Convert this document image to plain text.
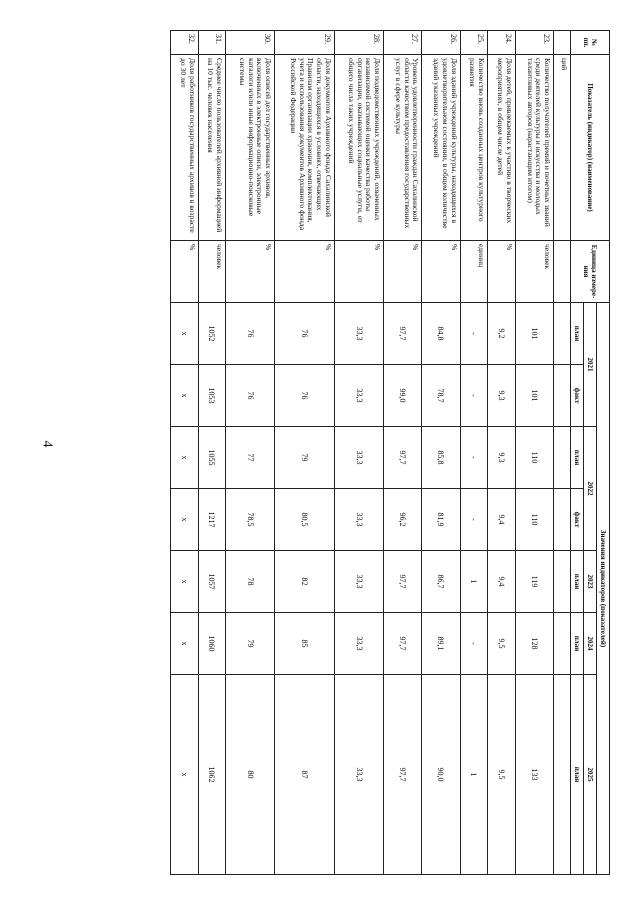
4
№ пп.	Показатель (индикатор) (наименование)	Единица измере-ния	Значения индикаторов (показателей)						
			2021		2022		2023	2024	2025
			план	факт	план	факт	план	план	план
	ций								
23.	Количество получателей премий и почетных званий среди деятелей культуры и искусства и молодых талантливых авторов (нарастающим итогом)	человек	101	101	110	110	119	128	133
24.	Доля детей, привлекаемых к участию в творческих мероприятиях, в общем числе детей	%	9,2	9,3	9,3	9,4	9,4	9,5	9,5
25.	Количество вновь созданных центров культурного развития	единиц	-	-	-	-	1	-	1
26.	Доля зданий учреждений культуры, находящихся в удовлетворительном состоянии, в общем количестве зданий указанных учреждений	%	84,8	78,7	85,8	81,9	86,7	89,1	90,0
27.	Уровень удовлетворенности граждан Сахалинской области качеством предоставления государственных услуг в сфере культуры	%	97,7	99,0	97,7	96,2	97,7	97,7	97,7
28.	Доля подведомственных учреждений, охваченных независимой системой оценки качества работы организации, оказывающих социальные услуги, от общего числа таких учреждений	%	33,3	33,3	33,3	33,3	33,3	33,3	33,3
29.	Доля документов Архивного фонда Сахалинской области, находящихся в условиях, отвечающих Правилам организации хранения, комплектования, учета и использования документов Архивного фонда Российской Федерации	%	76	76	79	80,5	82	85	87
30.	Доля описей дел государственных архивов, включенных в электронные описи, электронные каталоги и/или иные информационно-поисковые системы	%	76	76	77	78,5	78	79	80
31.	Среднее число пользователей архивной информацией на 10 тыс. человек населения	человек	1052	1053	1055	1217	1057	1060	1062
32.	Доля работников государственных архивов в возрасте до 30 лет	%	x	x	x	x	x	x	x
